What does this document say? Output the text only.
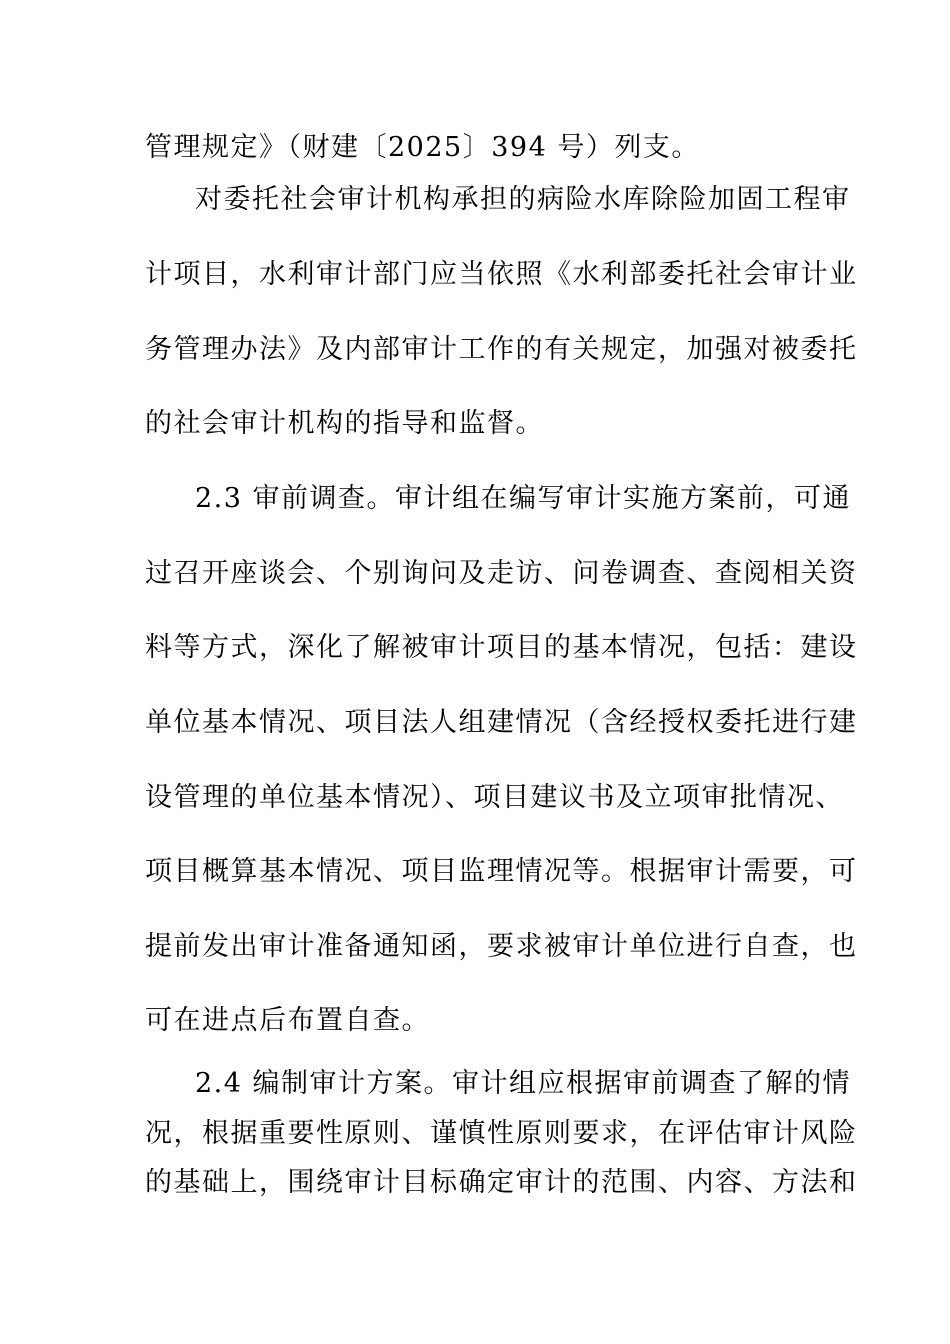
管理规定》（财建〔2025〕394 号）列支。

对委托社会审计机构承担的病险水库除险加固工程审

计项目，水利审计部门应当依照《水利部委托社会审计业

务管理办法》及内部审计工作的有关规定，加强对被委托

的社会审计机构的指导和监督。

2.3 审前调查。审计组在编写审计实施方案前，可通

过召开座谈会、个别询问及走访、问卷调查、查阅相关资

料等方式，深化了解被审计项目的基本情况，包括：建设

单位基本情况、项目法人组建情况（含经授权委托进行建

设管理的单位基本情况）、项目建议书及立项审批情况、

项目概算基本情况、项目监理情况等。根据审计需要，可

提前发出审计准备通知函，要求被审计单位进行自查，也

可在进点后布置自查。

2.4 编制审计方案。审计组应根据审前调查了解的情

况，根据重要性原则、谨慎性原则要求，在评估审计风险

的基础上，围绕审计目标确定审计的范围、内容、方法和
